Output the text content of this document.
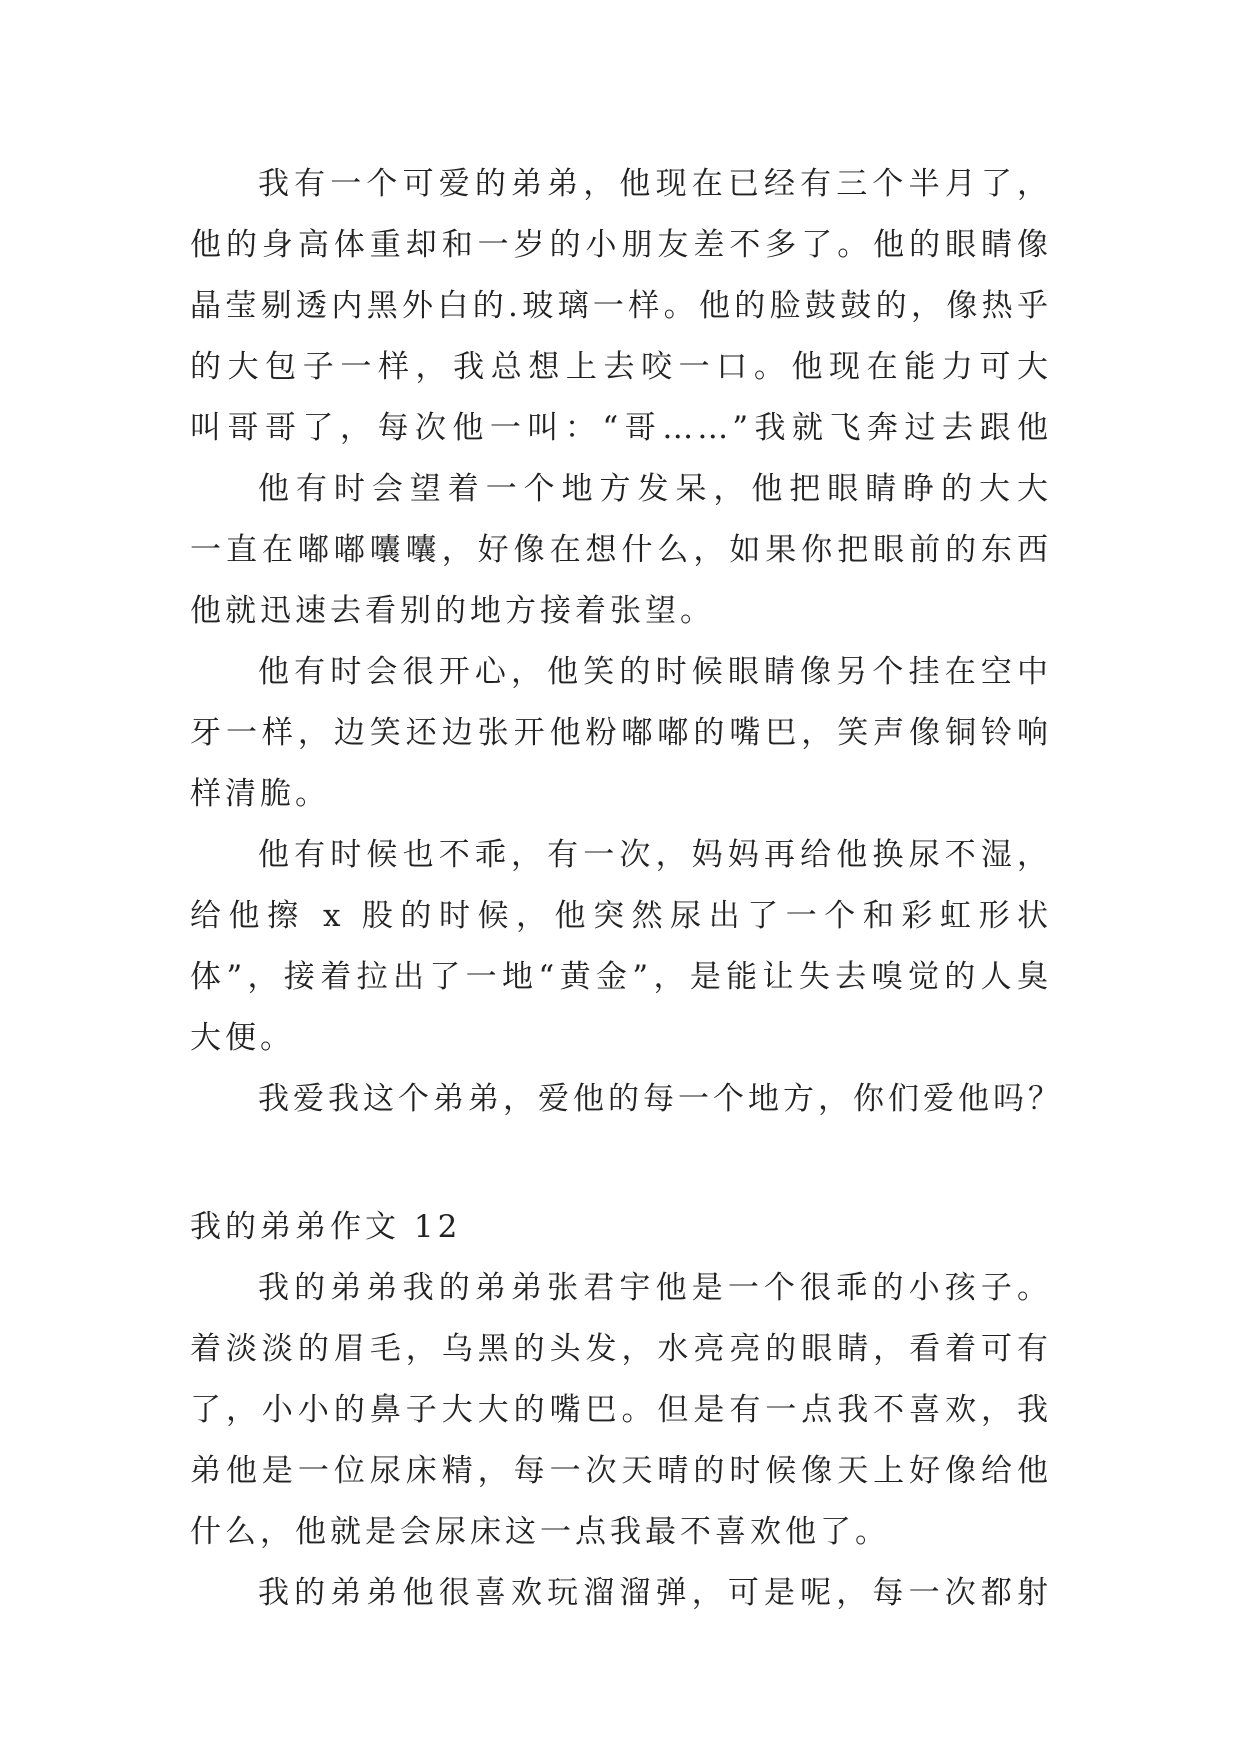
我有一个可爱的弟弟，他现在已经有三个半月了，
他的身高体重却和一岁的小朋友差不多了。他的眼睛像
晶莹剔透内黑外白的.玻璃一样。他的脸鼓鼓的，像热乎
的大包子一样，我总想上去咬一口。他现在能力可大
叫哥哥了，每次他一叫：“哥……”我就飞奔过去跟他
他有时会望着一个地方发呆，他把眼睛睁的大大
一直在嘟嘟囔囔，好像在想什么，如果你把眼前的东西
他就迅速去看别的地方接着张望。
他有时会很开心，他笑的时候眼睛像另个挂在空中
牙一样，边笑还边张开他粉嘟嘟的嘴巴，笑声像铜铃响
样清脆。
他有时候也不乖，有一次，妈妈再给他换尿不湿，
给他擦 x 股的时候，他突然尿出了一个和彩虹形状
体”，接着拉出了一地“黄金”，是能让失去嗅觉的人臭
大便。
我爱我这个弟弟，爱他的每一个地方，你们爱他吗？
我的弟弟作文 12
我的弟弟我的弟弟张君宇他是一个很乖的小孩子。
着淡淡的眉毛，乌黑的头发，水亮亮的眼睛，看着可有
了，小小的鼻子大大的嘴巴。但是有一点我不喜欢，我
弟他是一位尿床精，每一次天晴的时候像天上好像给他
什么，他就是会尿床这一点我最不喜欢他了。
我的弟弟他很喜欢玩溜溜弹，可是呢，每一次都射
